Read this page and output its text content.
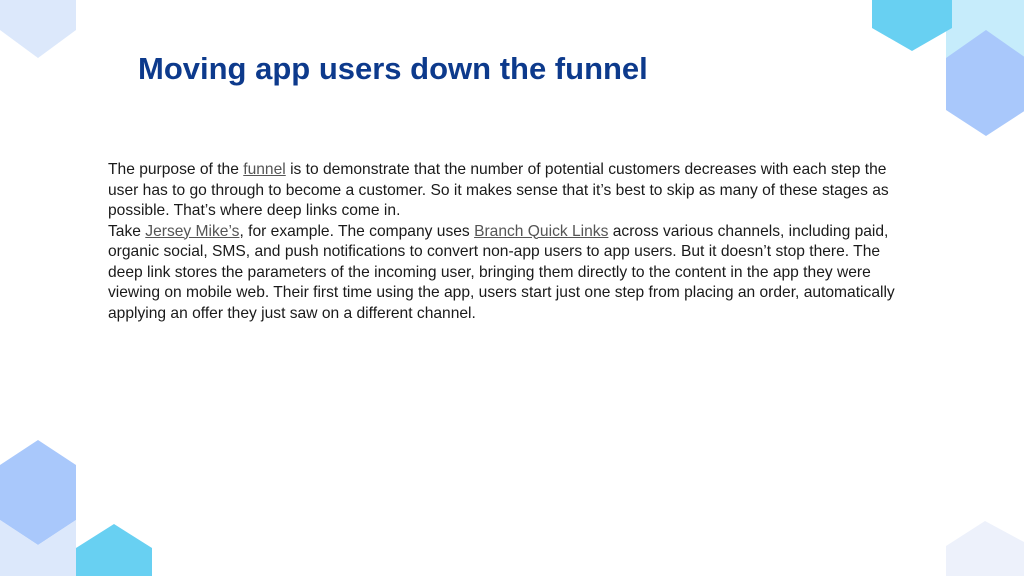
Moving app users down the funnel

The purpose of the funnel is to demonstrate that the number of potential customers decreases with each step the user has to go through to become a customer. So it makes sense that it’s best to skip as many of these stages as possible. That’s where deep links come in.

Take Jersey Mike’s, for example. The company uses Branch Quick Links across various channels, including paid, organic social, SMS, and push notifications to convert non-app users to app users. But it doesn’t stop there. The deep link stores the parameters of the incoming user, bringing them directly to the content in the app they were viewing on mobile web. Their first time using the app, users start just one step from placing an order, automatically applying an offer they just saw on a different channel.
